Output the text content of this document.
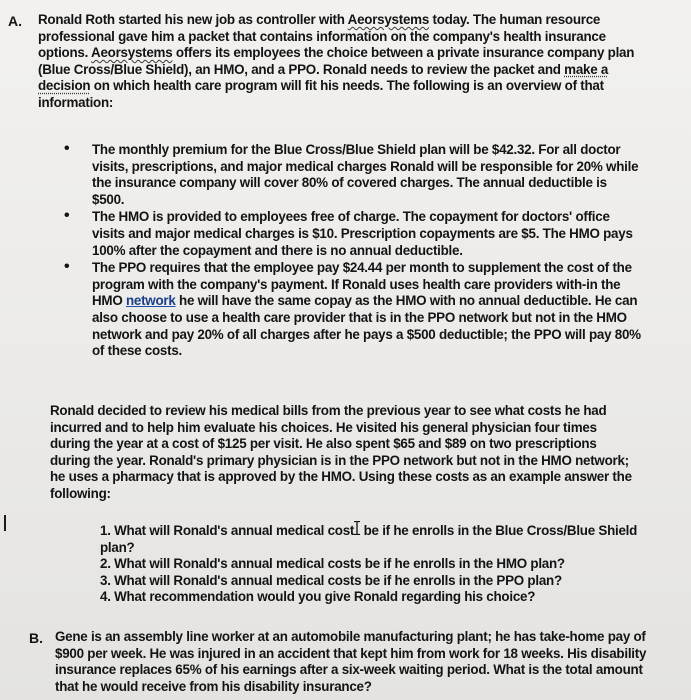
A. Ronald Roth started his new job as controller with Aeorsystems today. The human resource professional gave him a packet that contains information on the company's health insurance options. Aeorsystems offers its employees the choice between a private insurance company plan (Blue Cross/Blue Shield), an HMO, and a PPO. Ronald needs to review the packet and make a decision on which health care program will fit his needs. The following is an overview of that information:

• The monthly premium for the Blue Cross/Blue Shield plan will be $42.32. For all doctor visits, prescriptions, and major medical charges Ronald will be responsible for 20% while the insurance company will cover 80% of covered charges. The annual deductible is $500.
• The HMO is provided to employees free of charge. The copayment for doctors' office visits and major medical charges is $10. Prescription copayments are $5. The HMO pays 100% after the copayment and there is no annual deductible.
• The PPO requires that the employee pay $24.44 per month to supplement the cost of the program with the company's payment. If Ronald uses health care providers with-in the HMO network he will have the same copay as the HMO with no annual deductible. He can also choose to use a health care provider that is in the PPO network but not in the HMO network and pay 20% of all charges after he pays a $500 deductible; the PPO will pay 80% of these costs.

Ronald decided to review his medical bills from the previous year to see what costs he had incurred and to help him evaluate his choices. He visited his general physician four times during the year at a cost of $125 per visit. He also spent $65 and $89 on two prescriptions during the year. Ronald's primary physician is in the PPO network but not in the HMO network; he uses a pharmacy that is approved by the HMO. Using these costs as an example answer the following:

1. What will Ronald's annual medical cost be if he enrolls in the Blue Cross/Blue Shield plan?
2. What will Ronald's annual medical costs be if he enrolls in the HMO plan?
3. What will Ronald's annual medical costs be if he enrolls in the PPO plan?
4. What recommendation would you give Ronald regarding his choice?
B. Gene is an assembly line worker at an automobile manufacturing plant; he has take-home pay of $900 per week. He was injured in an accident that kept him from work for 18 weeks. His disability insurance replaces 65% of his earnings after a six-week waiting period. What is the total amount that he would receive from his disability insurance?
